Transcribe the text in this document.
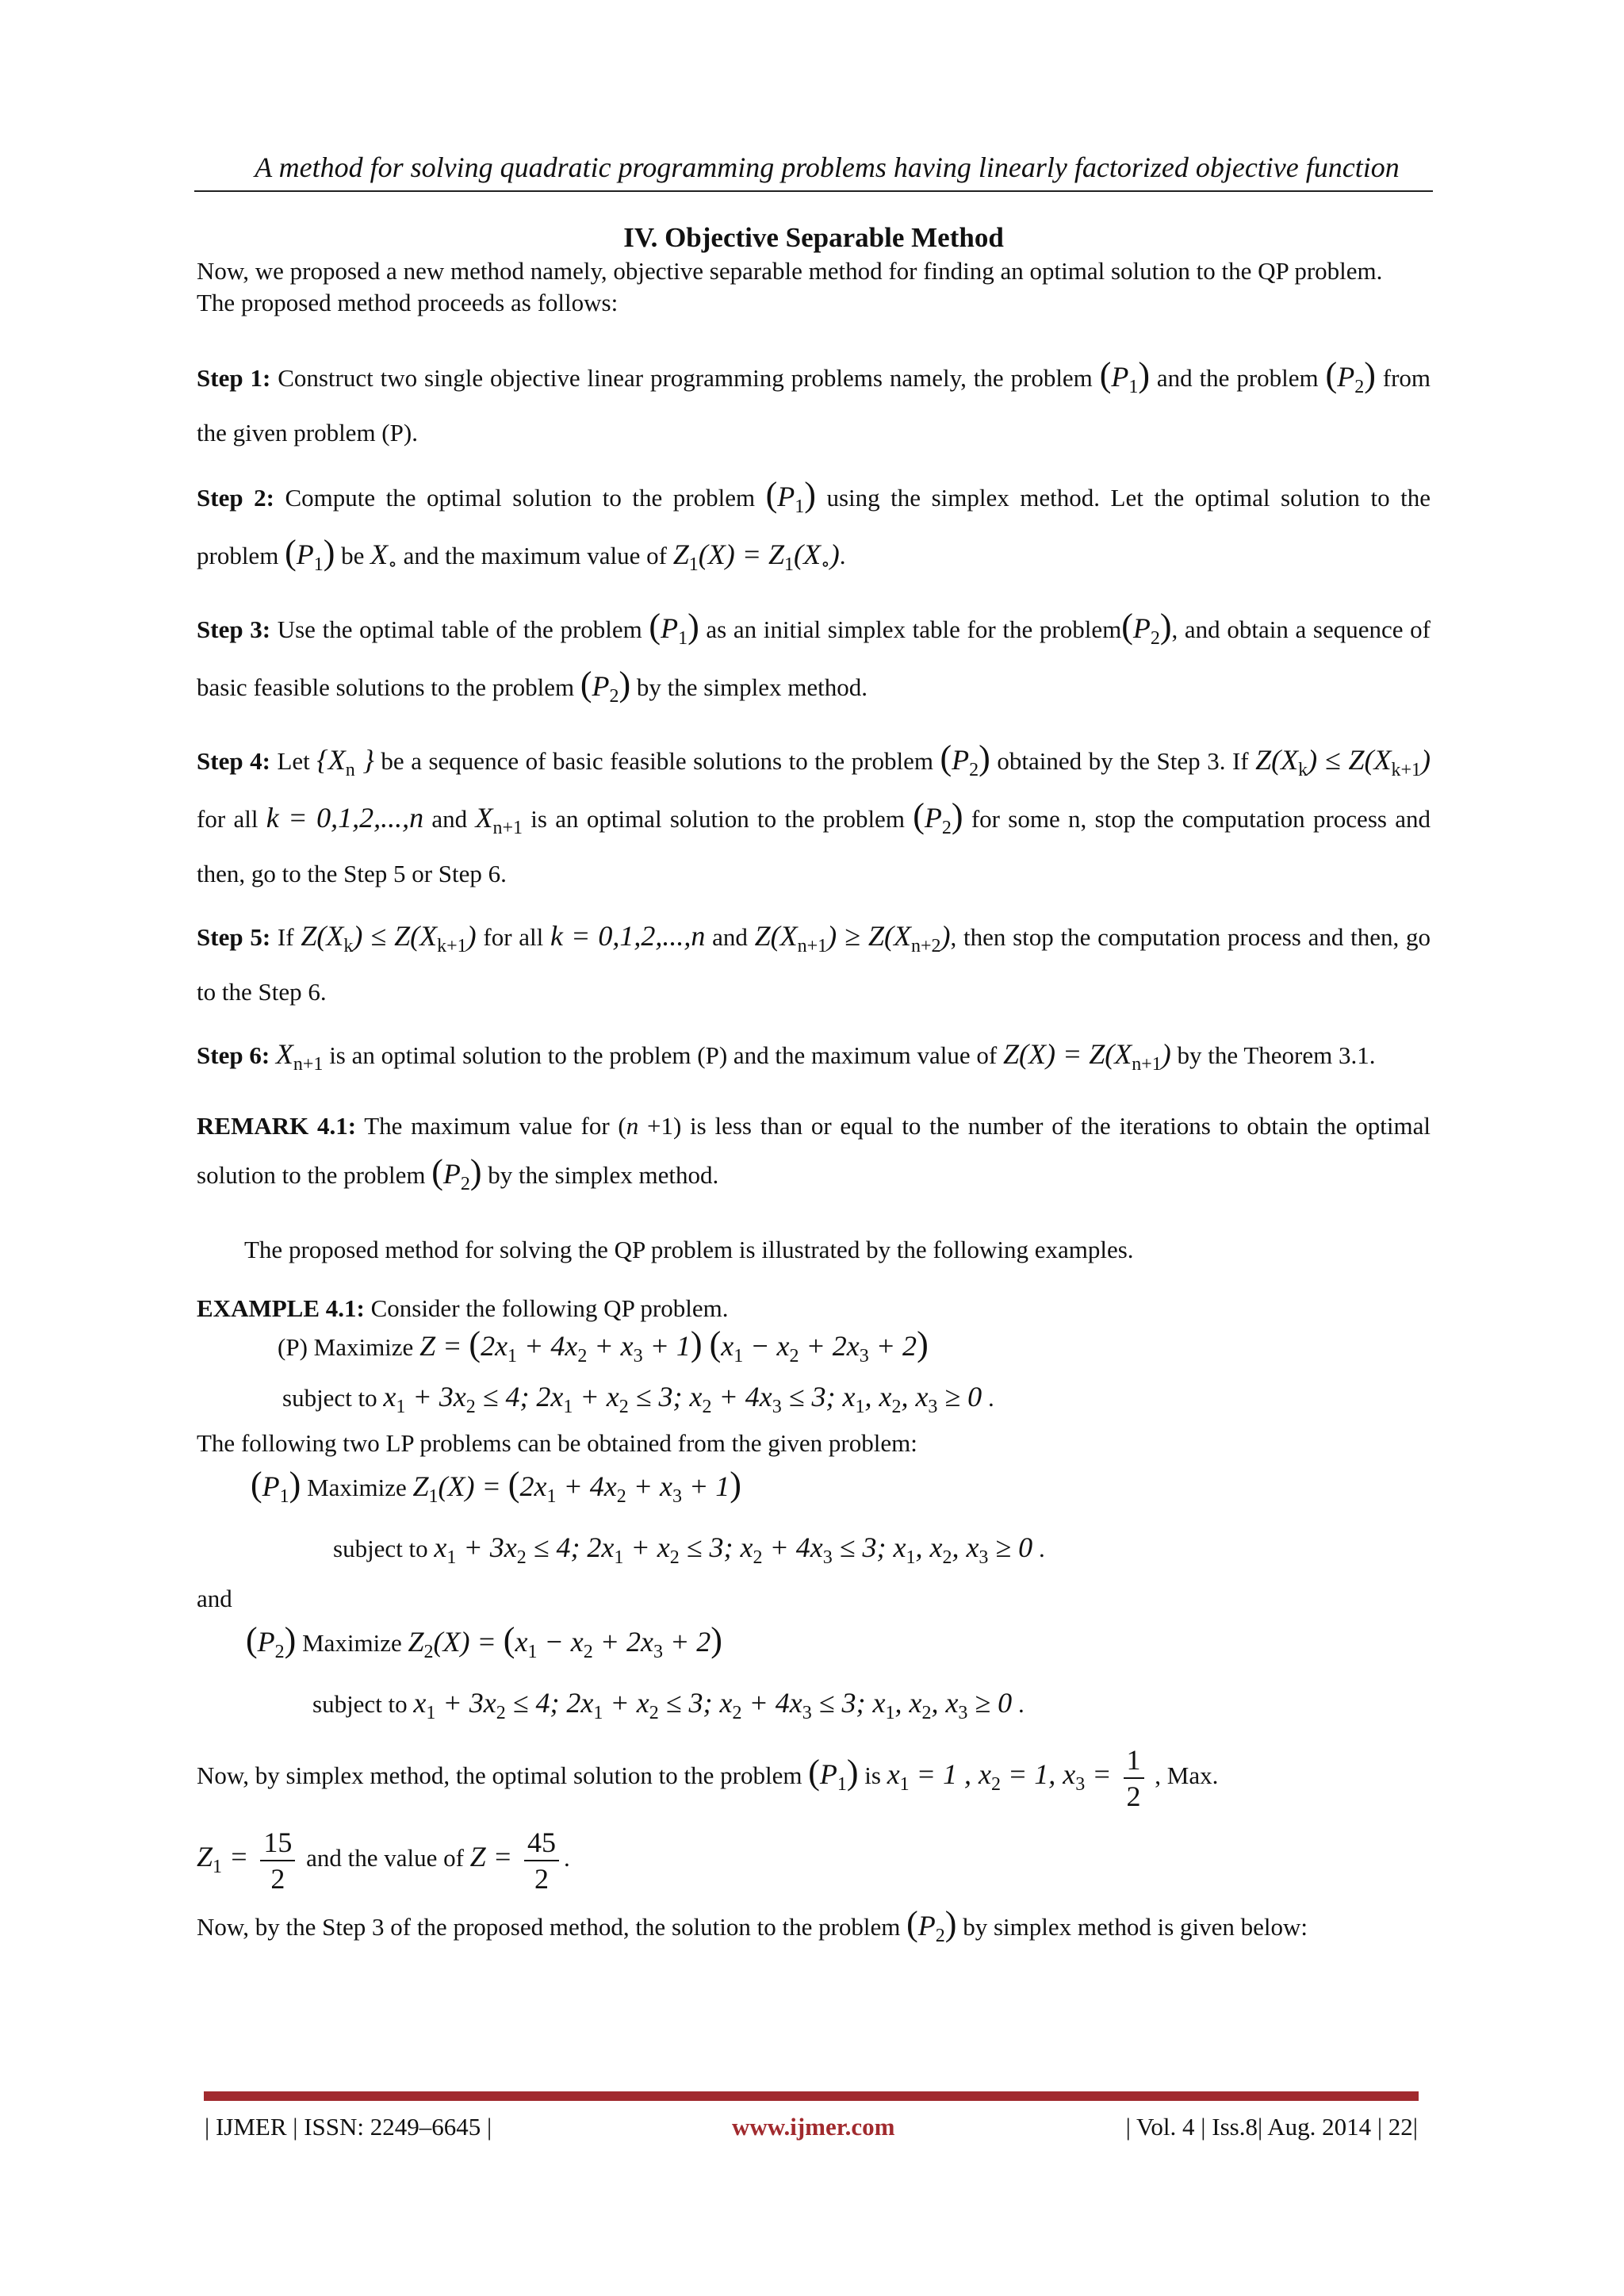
A method for solving quadratic programming problems having linearly factorized objective function

IV. Objective Separable Method

Now, we proposed a new method namely, objective separable method for finding an optimal solution to the QP problem.

The proposed method proceeds as follows:

Step 1: Construct two single objective linear programming problems namely, the problem $(P_1)$ and the problem $(P_2)$ from the given problem (P).

Step 2: Compute the optimal solution to the problem $(P_1)$ using the simplex method. Let the optimal solution to the problem $(P_1)$ be $X_\circ$ and the maximum value of $Z_1(X) = Z_1(X_\circ)$.

Step 3: Use the optimal table of the problem $(P_1)$ as an initial simplex table for the $problem(P_2)$, and obtain a sequence of basic feasible solutions to the problem $(P_2)$ by the simplex method.

Step 4: Let {$X_n$ } be a sequence of basic feasible solutions to the problem $(P_2)$ obtained by the Step 3. If $Z(X_k) \le Z(X_{k+1})$ for all k = 0,1,2,...,n and $X_{n+1}$ is an optimal solution to the problem $(P_2)$ for some n, stop the computation process and then, go to the Step 5 or Step 6.

Step 5: If $Z(X_k) \le Z(X_{k+1})$ for all k = 0,1,2,...,n and $Z(X_{n+1}) \ge Z(X_{n+2})$, then stop the computation process and then, go to the Step 6.

Step 6: $X_{n+1}$ is an optimal solution to the problem (P) and the maximum value of $Z(X) = Z(X_{n+1})$ by the Theorem 3.1.

REMARK 4.1: The maximum value for (n +1) is less than or equal to the number of the iterations to obtain the optimal solution to the problem $(P_2)$ by the simplex method.

The proposed method for solving the QP problem is illustrated by the following examples.

EXAMPLE 4.1: Consider the following QP problem.

(P) Maximize $Z = (2x_1 + 4x_2 + x_3 + 1) (x_1 - x_2 + 2x_3 + 2)$

subject to $x_1 + 3x_2 \le 4$; $2x_1 + x_2 \le 3$; $x_2 + 4x_3 \le 3$; $x_1$, $x_2$, $x_3 \ge 0$ .

The following two LP problems can be obtained from the given problem:

$(P_1)$ Maximize $Z_1(X) = (2x_1 + 4x_2 + x_3 + 1)$

subject to $x_1 + 3x_2 \le 4$; $2x_1 + x_2 \le 3$; $x_2 + 4x_3 \le 3$; $x_1$, $x_2$, $x_3 \ge 0$ .

and

$(P_2)$ Maximize $Z_2(X) = (x_1 - x_2 + 2x_3 + 2)$

subject to $x_1 + 3x_2 \le 4$; $2x_1 + x_2 \le 3$; $x_2 + 4x_3 \le 3$; $x_1$, $x_2$, $x_3 \ge 0$ .

Now, by simplex method, the optimal solution to the problem $(P_1)$ is $x_1 = 1$ , $x_2 = 1$, $x_3 = \frac{1}{2}$ , Max.

$Z_1 = \frac{15}{2}$ and the value of $Z = \frac{45}{2}$ .

Now, by the Step 3 of the proposed method, the solution to the problem $(P_2)$ by simplex method is given below:

| IJMER | ISSN: 2249–6645 |	www.ijmer.com	| Vol. 4 | Iss.8| Aug. 2014 | 22|
